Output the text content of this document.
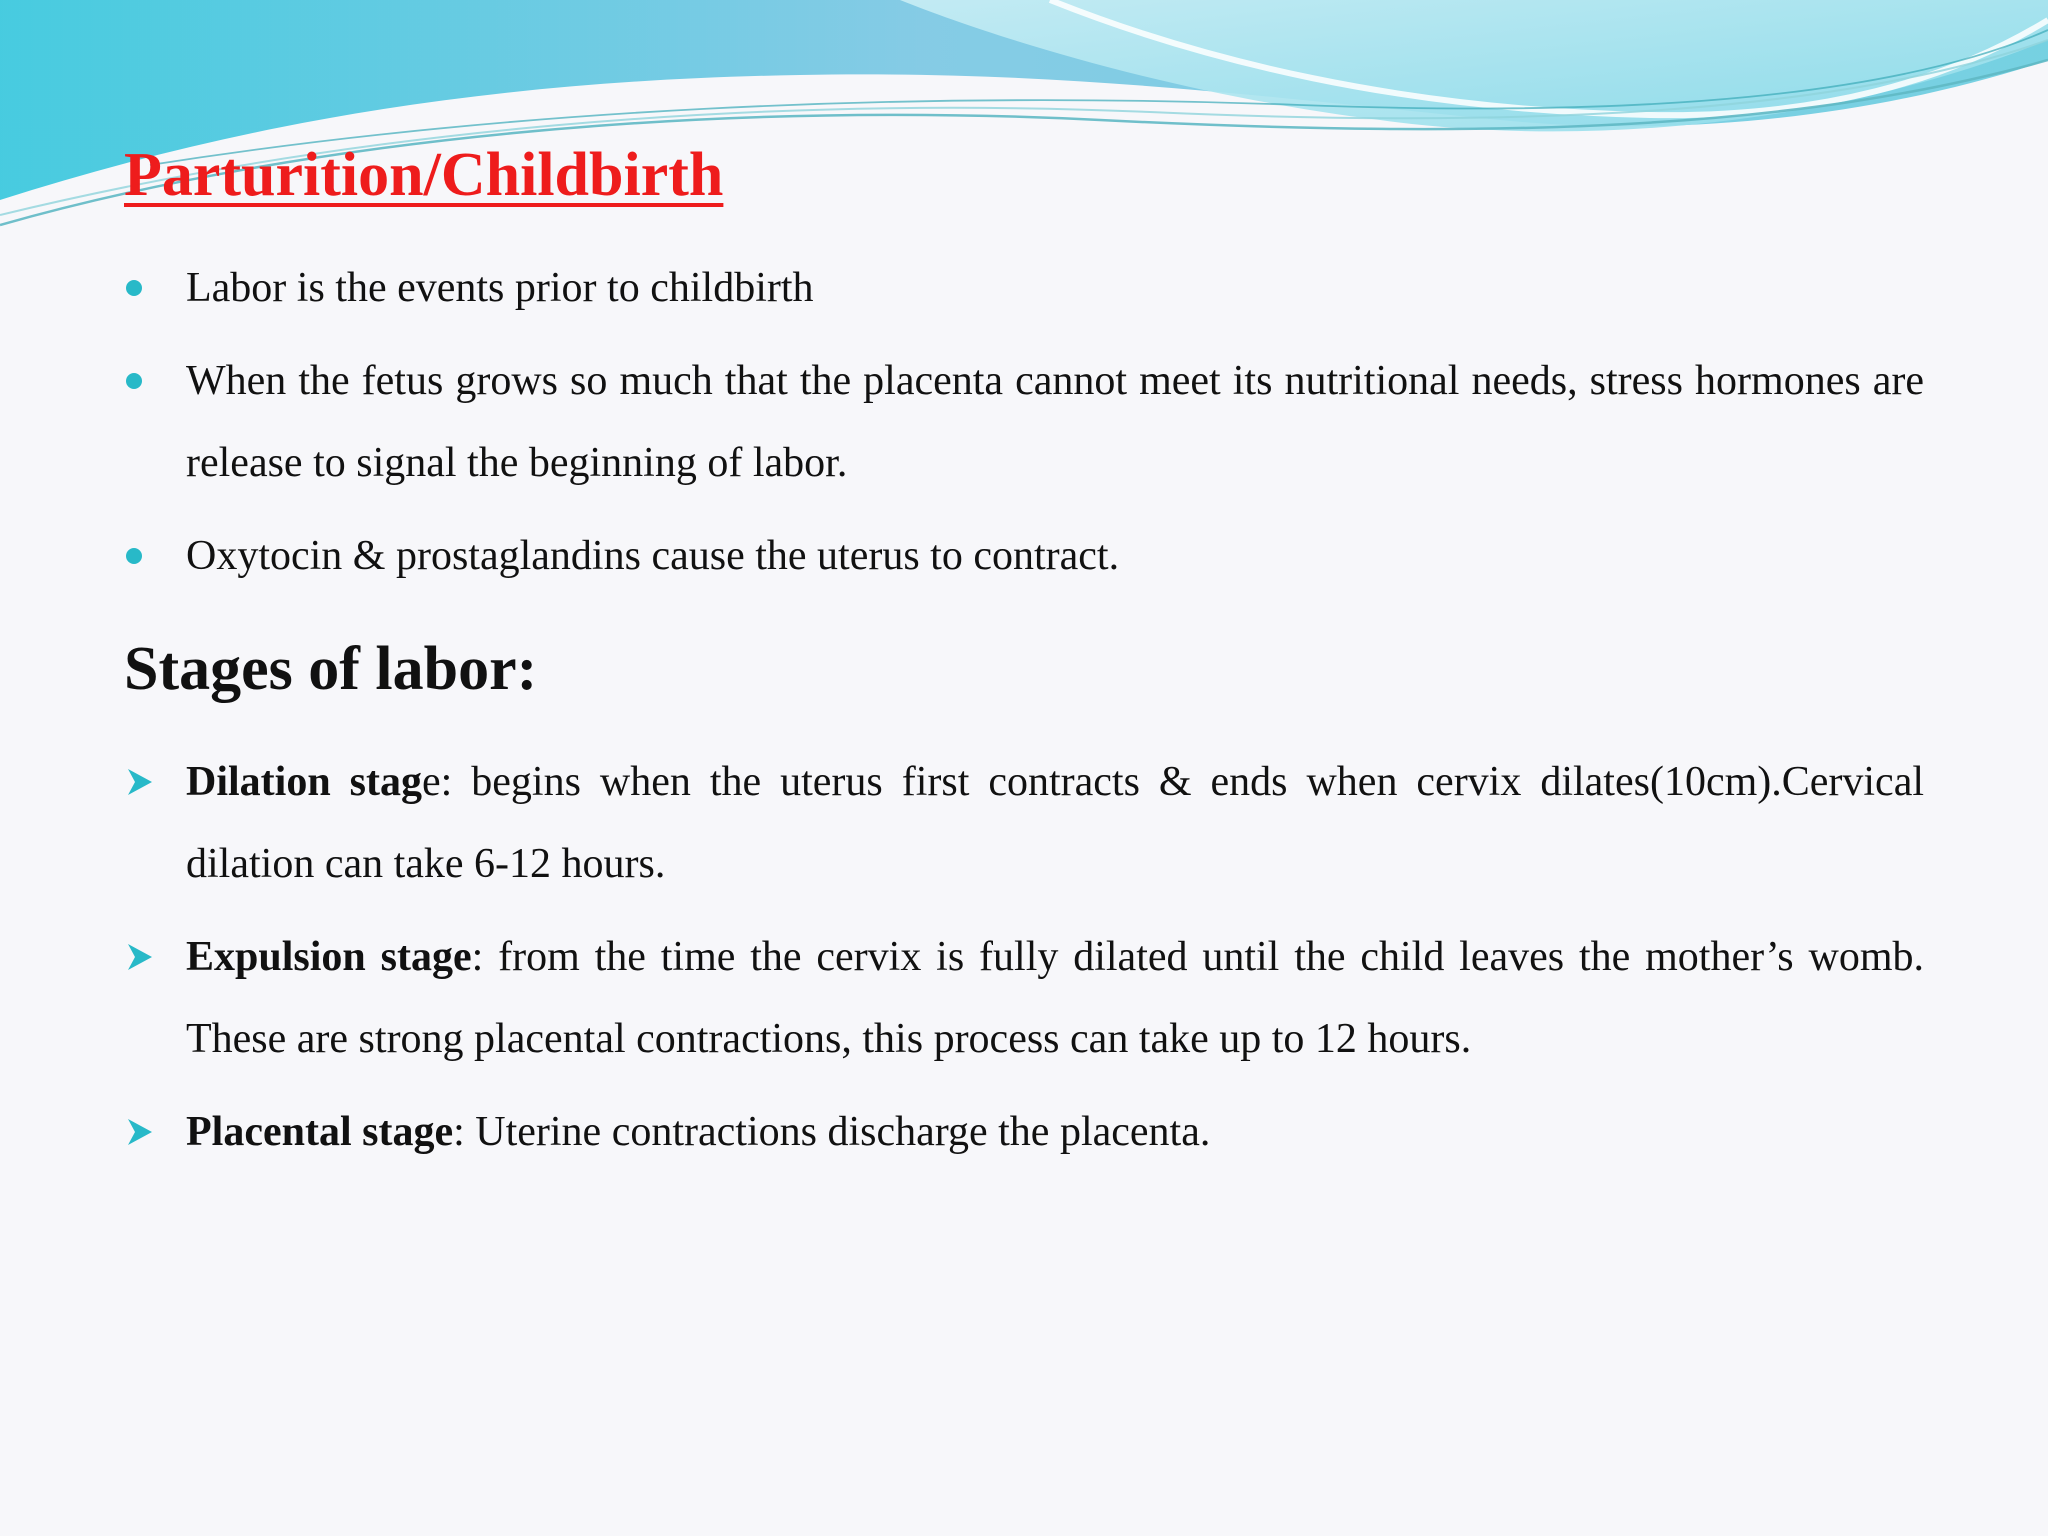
Parturition/Childbirth
Labor is the events prior to childbirth
When the fetus grows so much that the placenta cannot meet its nutritional needs, stress hormones are release to signal the beginning of labor.
Oxytocin & prostaglandins cause the uterus to contract.
Stages of labor:
Dilation stage: begins when the uterus first contracts & ends when cervix dilates(10cm).Cervical dilation can take 6-12 hours.
Expulsion stage: from the time the cervix is fully dilated until the child leaves the mother’s womb. These are strong placental contractions, this process can take up to 12 hours.
Placental stage: Uterine contractions discharge the placenta.
